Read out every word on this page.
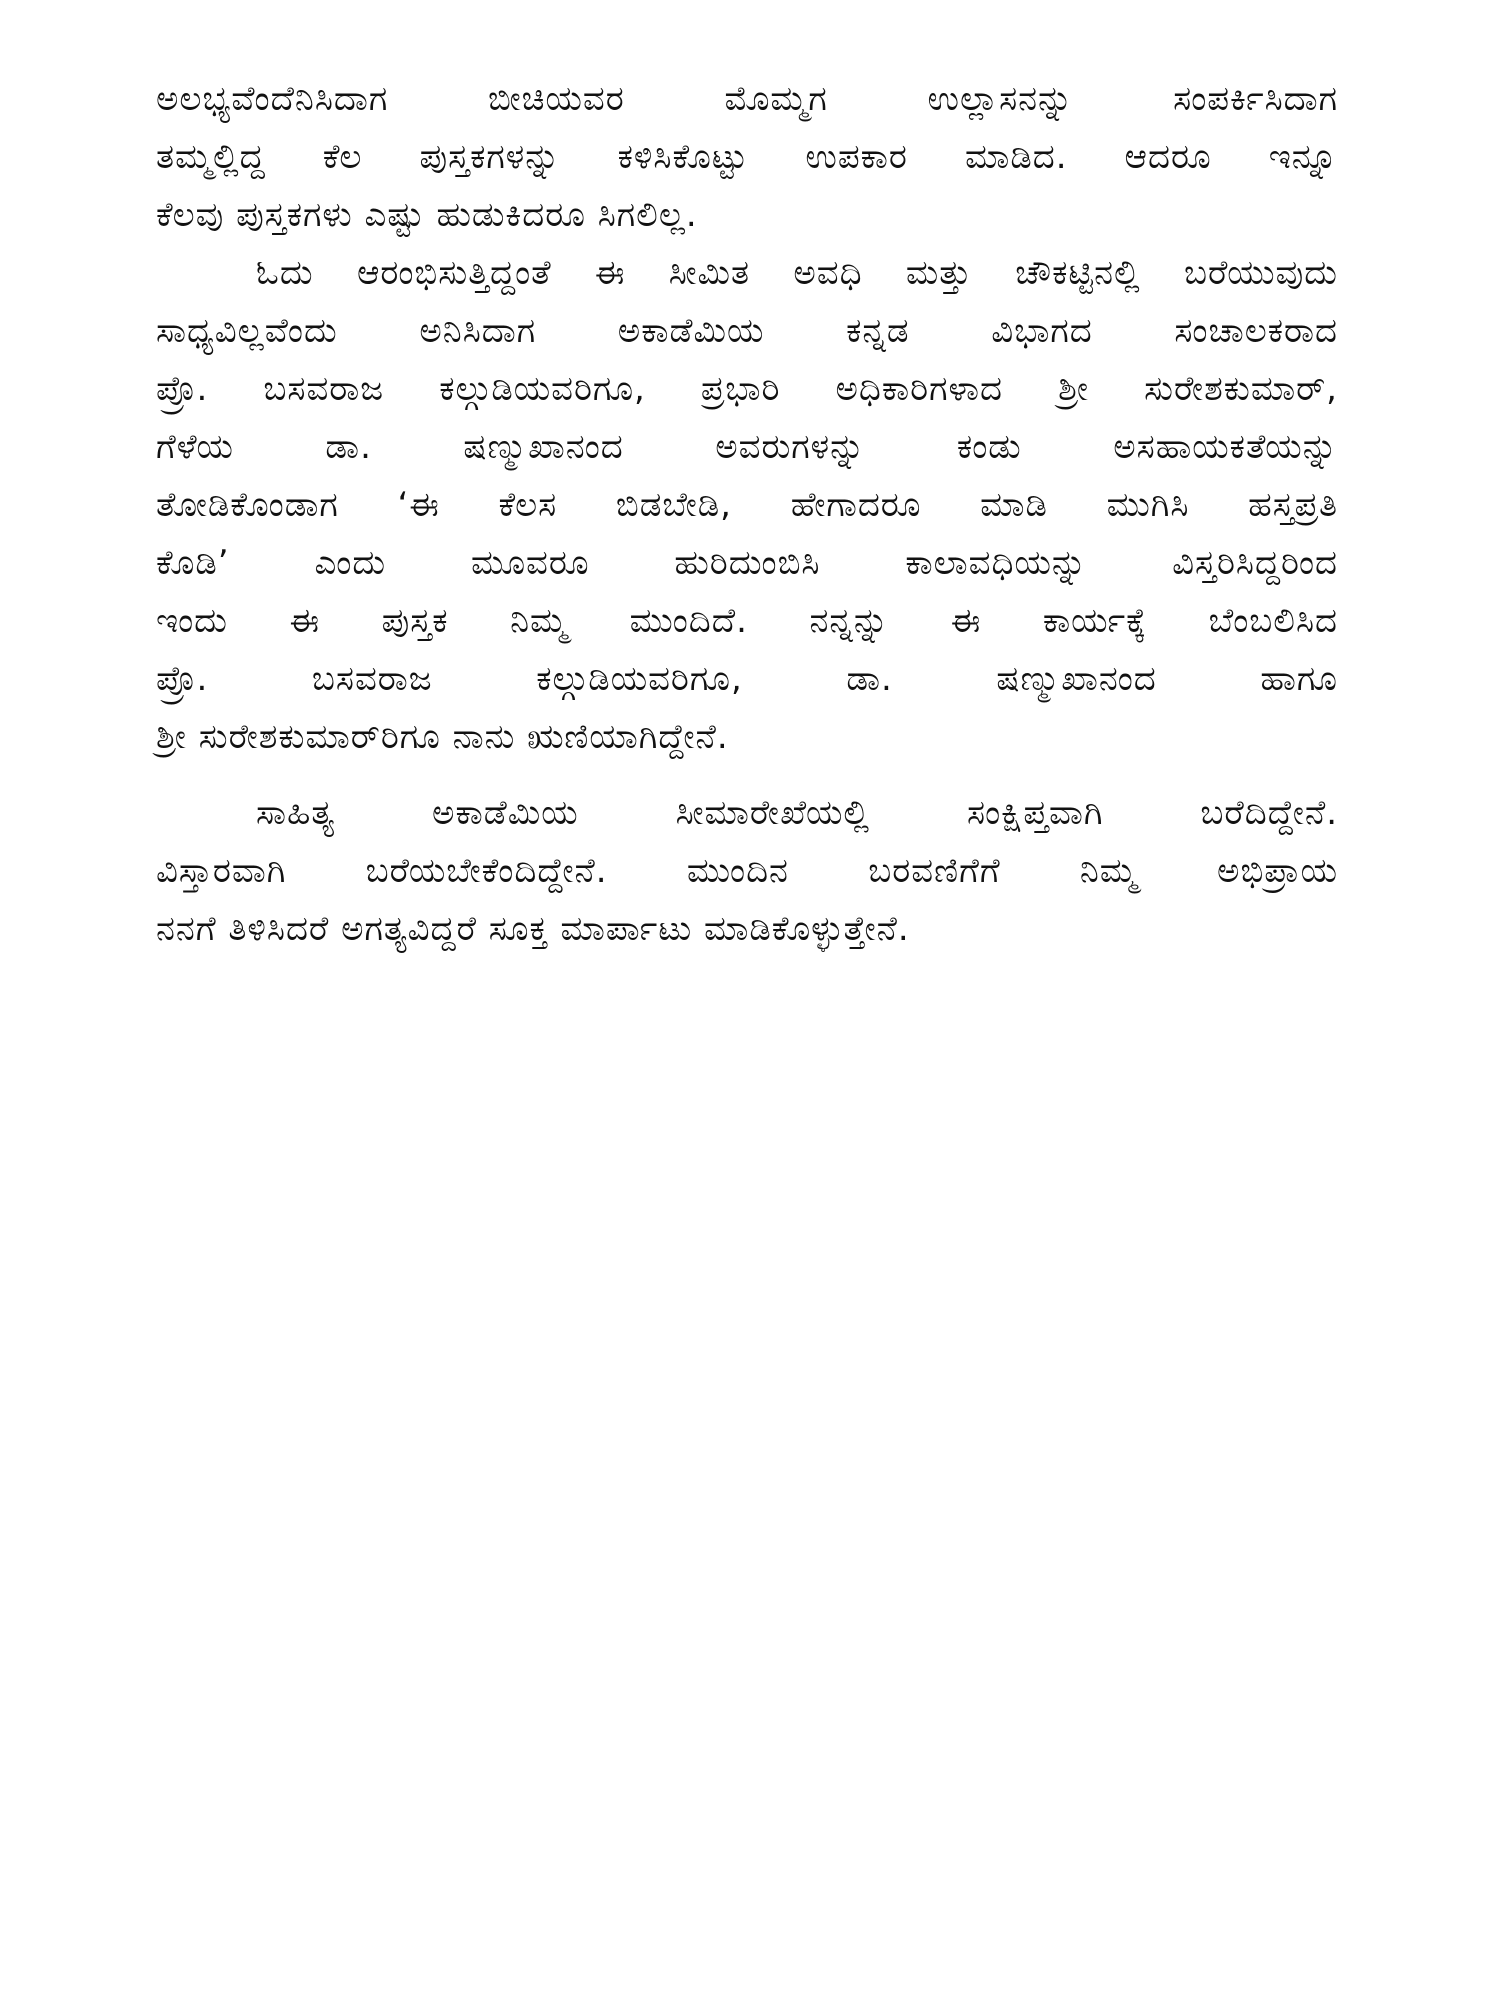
ಅಲಭ್ಯವೆಂದೆನಿಸಿದಾಗ ಬೀಚಿಯವರ ಮೊಮ್ಮಗ ಉಲ್ಲಾಸನನ್ನು ಸಂಪರ್ಕಿಸಿದಾಗ
ತಮ್ಮಲ್ಲಿದ್ದ ಕೆಲ ಪುಸ್ತಕಗಳನ್ನು ಕಳಿಸಿಕೊಟ್ಟು ಉಪಕಾರ ಮಾಡಿದ. ಆದರೂ ಇನ್ನೂ
ಕೆಲವು ಪುಸ್ತಕಗಳು ಎಷ್ಟು ಹುಡುಕಿದರೂ ಸಿಗಲಿಲ್ಲ.
ಓದು ಆರಂಭಿಸುತ್ತಿದ್ದಂತೆ ಈ ಸೀಮಿತ ಅವಧಿ ಮತ್ತು ಚೌಕಟ್ಟಿನಲ್ಲಿ ಬರೆಯುವುದು
ಸಾಧ್ಯವಿಲ್ಲವೆಂದು ಅನಿಸಿದಾಗ ಅಕಾಡೆಮಿಯ ಕನ್ನಡ ವಿಭಾಗದ ಸಂಚಾಲಕರಾದ
ಪ್ರೊ. ಬಸವರಾಜ ಕಲ್ಗುಡಿಯವರಿಗೂ, ಪ್ರಭಾರಿ ಅಧಿಕಾರಿಗಳಾದ ಶ್ರೀ ಸುರೇಶಕುಮಾರ್,
ಗೆಳೆಯ ಡಾ. ಷಣ್ಮುಖಾನಂದ ಅವರುಗಳನ್ನು ಕಂಡು ಅಸಹಾಯಕತೆಯನ್ನು
ತೋಡಿಕೊಂಡಾಗ ‘ಈ ಕೆಲಸ ಬಿಡಬೇಡಿ, ಹೇಗಾದರೂ ಮಾಡಿ ಮುಗಿಸಿ ಹಸ್ತಪ್ರತಿ
ಕೊಡಿ’ ಎಂದು ಮೂವರೂ ಹುರಿದುಂಬಿಸಿ ಕಾಲಾವಧಿಯನ್ನು ವಿಸ್ತರಿಸಿದ್ದರಿಂದ
ಇಂದು ಈ ಪುಸ್ತಕ ನಿಮ್ಮ ಮುಂದಿದೆ. ನನ್ನನ್ನು ಈ ಕಾರ್ಯಕ್ಕೆ ಬೆಂಬಲಿಸಿದ
ಪ್ರೊ. ಬಸವರಾಜ ಕಲ್ಗುಡಿಯವರಿಗೂ, ಡಾ. ಷಣ್ಮುಖಾನಂದ ಹಾಗೂ
ಶ್ರೀ ಸುರೇಶಕುಮಾರ್‌ರಿಗೂ ನಾನು ಋಣಿಯಾಗಿದ್ದೇನೆ.
ಸಾಹಿತ್ಯ ಅಕಾಡೆಮಿಯ ಸೀಮಾರೇಖೆಯಲ್ಲಿ ಸಂಕ್ಷಿಪ್ತವಾಗಿ ಬರೆದಿದ್ದೇನೆ.
ವಿಸ್ತಾರವಾಗಿ ಬರೆಯಬೇಕೆಂದಿದ್ದೇನೆ. ಮುಂದಿನ ಬರವಣಿಗೆಗೆ ನಿಮ್ಮ ಅಭಿಪ್ರಾಯ
ನನಗೆ ತಿಳಿಸಿದರೆ ಅಗತ್ಯವಿದ್ದರೆ ಸೂಕ್ತ ಮಾರ್ಪಾಟು ಮಾಡಿಕೊಳ್ಳುತ್ತೇನೆ.
